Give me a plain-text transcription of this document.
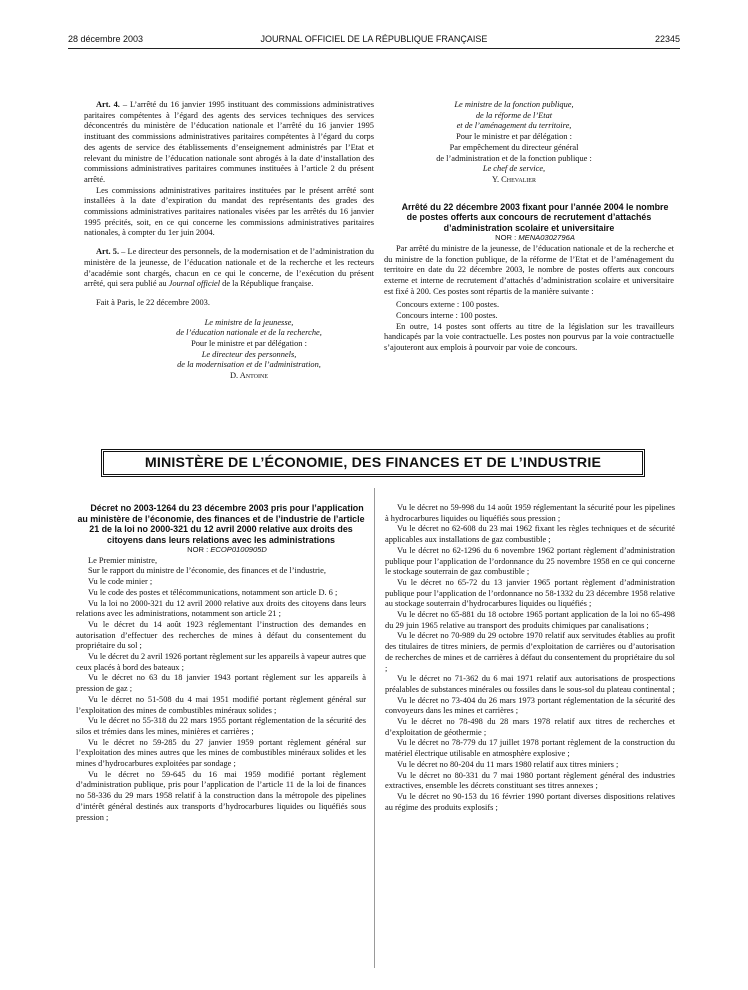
28 décembre 2003	JOURNAL OFFICIEL DE LA RÉPUBLIQUE FRANÇAISE	22345

Art. 4. – L’arrêté du 16 janvier 1995 instituant des commissions administratives paritaires compétentes à l’égard des agents des services techniques des services déconcentrés du ministère de l’éducation nationale et l’arrêté du 16 janvier 1995 instituant des commissions administratives paritaires compétentes à l’égard du corps des agents de service des établissements d’enseignement administrés par l’Etat et relevant du ministre de l’éducation nationale sont abrogés à la date d’installation des commissions administratives paritaires communes instituées à l’article 2 du présent arrêté.

Les commissions administratives paritaires instituées par le présent arrêté sont installées à la date d’expiration du mandat des représentants des grades des commissions administratives paritaires nationales visées par les arrêtés du 16 janvier 1995 précités, soit, en ce qui concerne les commissions administratives paritaires nationales, à compter du 1er juin 2004.

Art. 5. – Le directeur des personnels, de la modernisation et de l’administration du ministère de la jeunesse, de l’éducation nationale et de la recherche et les recteurs d’académie sont chargés, chacun en ce qui le concerne, de l’exécution du présent arrêté, qui sera publié au Journal officiel de la République française.

Fait à Paris, le 22 décembre 2003.

Le ministre de la jeunesse,

de l’éducation nationale et de la recherche,

Pour le ministre et par délégation :

Le directeur des personnels,

de la modernisation et de l’administration,

D. Antoine

Le ministre de la fonction publique,

de la réforme de l’Etat

et de l’aménagement du territoire,

Pour le ministre et par délégation :

Par empêchement du directeur général

de l’administration et de la fonction publique :

Le chef de service,

Y. Chevalier

Arrêté du 22 décembre 2003 fixant pour l’année 2004 le nombre de postes offerts aux concours de recrutement d’attachés d’administration scolaire et universitaire

NOR : MENA0302796A

Par arrêté du ministre de la jeunesse, de l’éducation nationale et de la recherche et du ministre de la fonction publique, de la réforme de l’Etat et de l’aménagement du territoire en date du 22 décembre 2003, le nombre de postes offerts aux concours externe et interne de recrutement d’attachés d’administration scolaire et universitaire est fixé à 200. Ces postes sont répartis de la manière suivante :

Concours externe : 100 postes.

Concours interne : 100 postes.

En outre, 14 postes sont offerts au titre de la législation sur les travailleurs handicapés par la voie contractuelle. Les postes non pourvus par la voie contractuelle s’ajouteront aux emplois à pourvoir par voie de concours.

MINISTÈRE DE L’ÉCONOMIE, DES FINANCES ET DE L’INDUSTRIE

Décret no 2003-1264 du 23 décembre 2003 pris pour l’application au ministère de l’économie, des finances et de l’industrie de l’article 21 de la loi no 2000-321 du 12 avril 2000 relative aux droits des citoyens dans leurs relations avec les administrations

NOR : ECOP0100905D

Le Premier ministre,

Sur le rapport du ministre de l’économie, des finances et de l’industrie,

Vu le code minier ;

Vu le code des postes et télécommunications, notamment son article D. 6 ;

Vu la loi no 2000-321 du 12 avril 2000 relative aux droits des citoyens dans leurs relations avec les administrations, notamment son article 21 ;

Vu le décret du 14 août 1923 réglementant l’instruction des demandes en autorisation d’effectuer des recherches de mines à défaut du consentement du propriétaire du sol ;

Vu le décret du 2 avril 1926 portant règlement sur les appareils à vapeur autres que ceux placés à bord des bateaux ;

Vu le décret no 63 du 18 janvier 1943 portant règlement sur les appareils à pression de gaz ;

Vu le décret no 51-508 du 4 mai 1951 modifié portant règlement général sur l’exploitation des mines de combustibles minéraux solides ;

Vu le décret no 55-318 du 22 mars 1955 portant réglementation de la sécurité des silos et trémies dans les mines, minières et carrières ;

Vu le décret no 59-285 du 27 janvier 1959 portant règlement général sur l’exploitation des mines autres que les mines de combustibles minéraux solides et les mines d’hydrocarbures exploitées par sondage ;

Vu le décret no 59-645 du 16 mai 1959 modifié portant règlement d’administration publique, pris pour l’application de l’article 11 de la loi de finances no 58-336 du 29 mars 1958 relatif à la construction dans la métropole des pipelines d’intérêt général destinés aux transports d’hydrocarbures liquides ou liquéfiés sous pression ;

Vu le décret no 59-998 du 14 août 1959 réglementant la sécurité pour les pipelines à hydrocarbures liquides ou liquéfiés sous pression ;

Vu le décret no 62-608 du 23 mai 1962 fixant les règles techniques et de sécurité applicables aux installations de gaz combustible ;

Vu le décret no 62-1296 du 6 novembre 1962 portant règlement d’administration publique pour l’application de l’ordonnance du 25 novembre 1958 en ce qui concerne le stockage souterrain de gaz combustible ;

Vu le décret no 65-72 du 13 janvier 1965 portant règlement d’administration publique pour l’application de l’ordonnance no 58-1332 du 23 décembre 1958 relative au stockage souterrain d’hydrocarbures liquides ou liquéfiés ;

Vu le décret no 65-881 du 18 octobre 1965 portant application de la loi no 65-498 du 29 juin 1965 relative au transport des produits chimiques par canalisations ;

Vu le décret no 70-989 du 29 octobre 1970 relatif aux servitudes établies au profit des titulaires de titres miniers, de permis d’exploitation de carrières ou d’autorisation de recherches de mines et de carrières à défaut du consentement du propriétaire du sol ;

Vu le décret no 71-362 du 6 mai 1971 relatif aux autorisations de prospections préalables de substances minérales ou fossiles dans le sous-sol du plateau continental ;

Vu le décret no 73-404 du 26 mars 1973 portant réglementation de la sécurité des convoyeurs dans les mines et carrières ;

Vu le décret no 78-498 du 28 mars 1978 relatif aux titres de recherches et d’exploitation de géothermie ;

Vu le décret no 78-779 du 17 juillet 1978 portant règlement de la construction du matériel électrique utilisable en atmosphère explosive ;

Vu le décret no 80-204 du 11 mars 1980 relatif aux titres miniers ;

Vu le décret no 80-331 du 7 mai 1980 portant règlement général des industries extractives, ensemble les décrets constituant ses titres annexes ;

Vu le décret no 90-153 du 16 février 1990 portant diverses dispositions relatives au régime des produits explosifs ;
